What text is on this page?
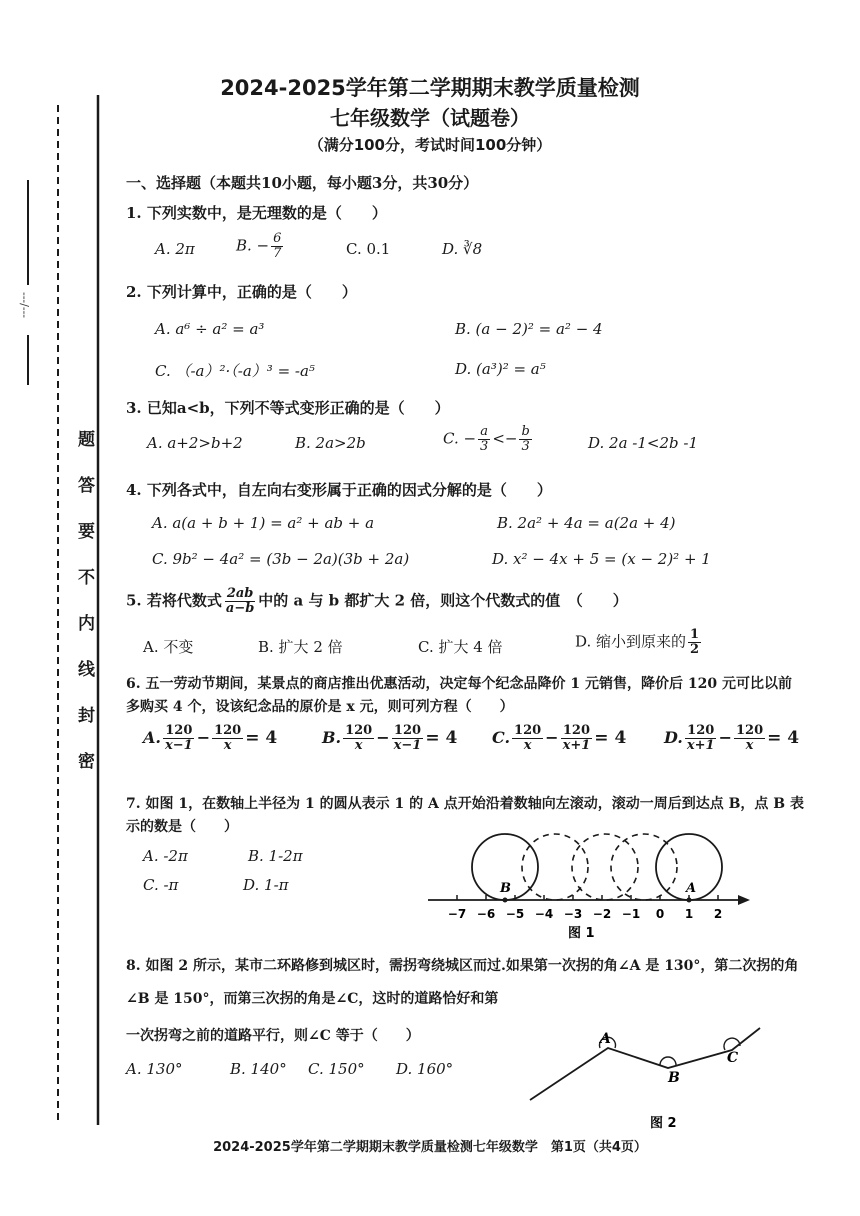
---/---
题
答
要
不
内
线
封
密
2024-2025学年第二学期期末教学质量检测
七年级数学（试题卷）
（满分100分，考试时间100分钟）
一、选择题（本题共10小题，每小题3分，共30分）
1. 下列实数中，是无理数的是（　　）
A. 2π	B. − $\frac{6}{7}$	C. 0.1	D. ∛8
2. 下列计算中，正确的是（　　）
A. a⁶ ÷ a² = a³	B. (a − 2)² = a² − 4
C. （-a）²·（-a）³ = -a⁵	D. (a³)² = a⁵
3. 已知a<b，下列不等式变形正确的是（　　）
A. a+2>b+2	B. 2a>2b	C. − $\frac{a}{3} <- \frac{b}{3}$	D. 2a -1<2b -1
4. 下列各式中，自左向右变形属于正确的因式分解的是（　　）
A. a(a + b + 1) = a² + ab + a	B. 2a² + 4a = a(2a + 4)
C. 9b² − 4a² = (3b − 2a)(3b + 2a)	D. x² − 4x + 5 = (x − 2)² + 1
5. 若将代数式 $\frac{2ab}{a-b}$ 中的 a 与 b 都扩大 2 倍，则这个代数式的值　（　　）
A. 不变	B. 扩大 2 倍	C. 扩大 4 倍	D. 缩小到原来的 $\frac{1}{2}$
6. 五一劳动节期间，某景点的商店推出优惠活动，决定每个纪念品降价 1 元销售，降价后 120 元可比以前
多购买 4 个，设该纪念品的原价是 x 元，则可列方程（　　）
A. $\frac{120}{x-1} - \frac{120}{x} = 4$	B. $\frac{120}{x} - \frac{120}{x-1} = 4$ C. $\frac{120}{x} - \frac{120}{x+1} = 4$ D. $\frac{120}{x+1} - \frac{120}{x} = 4$
7. 如图 1，在数轴上半径为 1 的圆从表示 1 的 A 点开始沿着数轴向左滚动，滚动一周后到达点 B，点 B 表
示的数是（　　）
A. -2π	B. 1-2π
C. -π	D. 1-π
−7 −6 −5 −4 −3 −2 −1 0 1 2
B	A
图 1
8. 如图 2 所示，某市二环路修到城区时，需拐弯绕城区而过.如果第一次拐的角∠A 是 130°，第二次拐的角
∠B 是 150°，而第三次拐的角是∠C，这时的道路恰好和第
一次拐弯之前的道路平行，则∠C 等于（　　）
A. 130°	B. 140° C. 150° D. 160°
A
B
C
图 2
2024-2025学年第二学期期末教学质量检测七年级数学　第1页（共4页）
